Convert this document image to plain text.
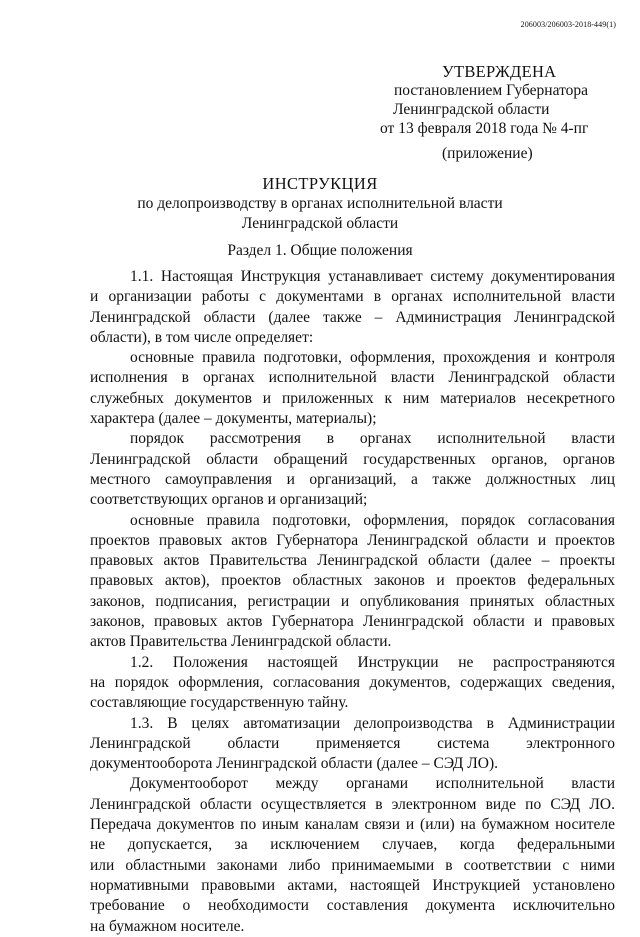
206003/206003-2018-449(1)
УТВЕРЖДЕНА
постановлением Губернатора
Ленинградской области
от 13 февраля 2018 года № 4-пг
(приложение)
ИНСТРУКЦИЯ
по делопроизводству в органах исполнительной власти
Ленинградской области
Раздел 1. Общие положения
1.1. Настоящая Инструкция устанавливает систему документирования
и организации работы с документами в органах исполнительной власти
Ленинградской области (далее также – Администрация Ленинградской
области), в том числе определяет:
основные правила подготовки, оформления, прохождения и контроля
исполнения в органах исполнительной власти Ленинградской области
служебных документов и приложенных к ним материалов несекретного
характера (далее – документы, материалы);
порядок рассмотрения в органах исполнительной власти
Ленинградской области обращений государственных органов, органов
местного самоуправления и организаций, а также должностных лиц
соответствующих органов и организаций;
основные правила подготовки, оформления, порядок согласования
проектов правовых актов Губернатора Ленинградской области и проектов
правовых актов Правительства Ленинградской области (далее – проекты
правовых актов), проектов областных законов и проектов федеральных
законов, подписания, регистрации и опубликования принятых областных
законов, правовых актов Губернатора Ленинградской области и правовых
актов Правительства Ленинградской области.
1.2. Положения настоящей Инструкции не распространяются
на порядок оформления, согласования документов, содержащих сведения,
составляющие государственную тайну.
1.3. В целях автоматизации делопроизводства в Администрации
Ленинградской области применяется система электронного
документооборота Ленинградской области (далее – СЭД ЛО).
Документооборот между органами исполнительной власти
Ленинградской области осуществляется в электронном виде по СЭД ЛО.
Передача документов по иным каналам связи и (или) на бумажном носителе
не допускается, за исключением случаев, когда федеральными
или областными законами либо принимаемыми в соответствии с ними
нормативными правовыми актами, настоящей Инструкцией установлено
требование о необходимости составления документа исключительно
на бумажном носителе.
